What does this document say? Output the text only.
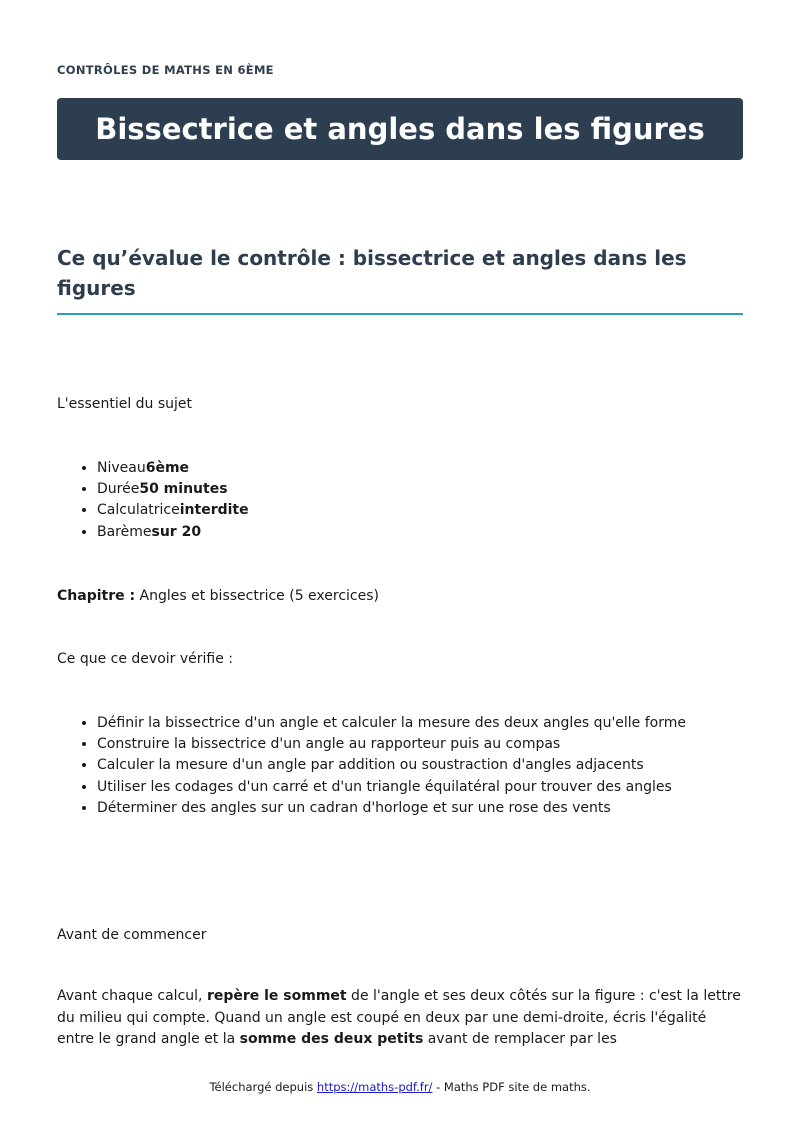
CONTRÔLES DE MATHS EN 6ÈME
Bissectrice et angles dans les figures
Ce qu’évalue le contrôle : bissectrice et angles dans les figures

L'essentiel du sujet

• Niveau6ème
• Durée50 minutes
• Calculatriceinterdite
• Barèmesur 20

Chapitre : Angles et bissectrice (5 exercices)

Ce que ce devoir vérifie :

• Définir la bissectrice d'un angle et calculer la mesure des deux angles qu'elle forme
• Construire la bissectrice d'un angle au rapporteur puis au compas
• Calculer la mesure d'un angle par addition ou soustraction d'angles adjacents
• Utiliser les codages d'un carré et d'un triangle équilatéral pour trouver des angles
• Déterminer des angles sur un cadran d'horloge et sur une rose des vents

Avant de commencer

Avant chaque calcul, repère le sommet de l'angle et ses deux côtés sur la figure : c'est la lettre du milieu qui compte. Quand un angle est coupé en deux par une demi-droite, écris l'égalité entre le grand angle et la somme des deux petits avant de remplacer par les

Téléchargé depuis https://maths-pdf.fr/ - Maths PDF site de maths.
